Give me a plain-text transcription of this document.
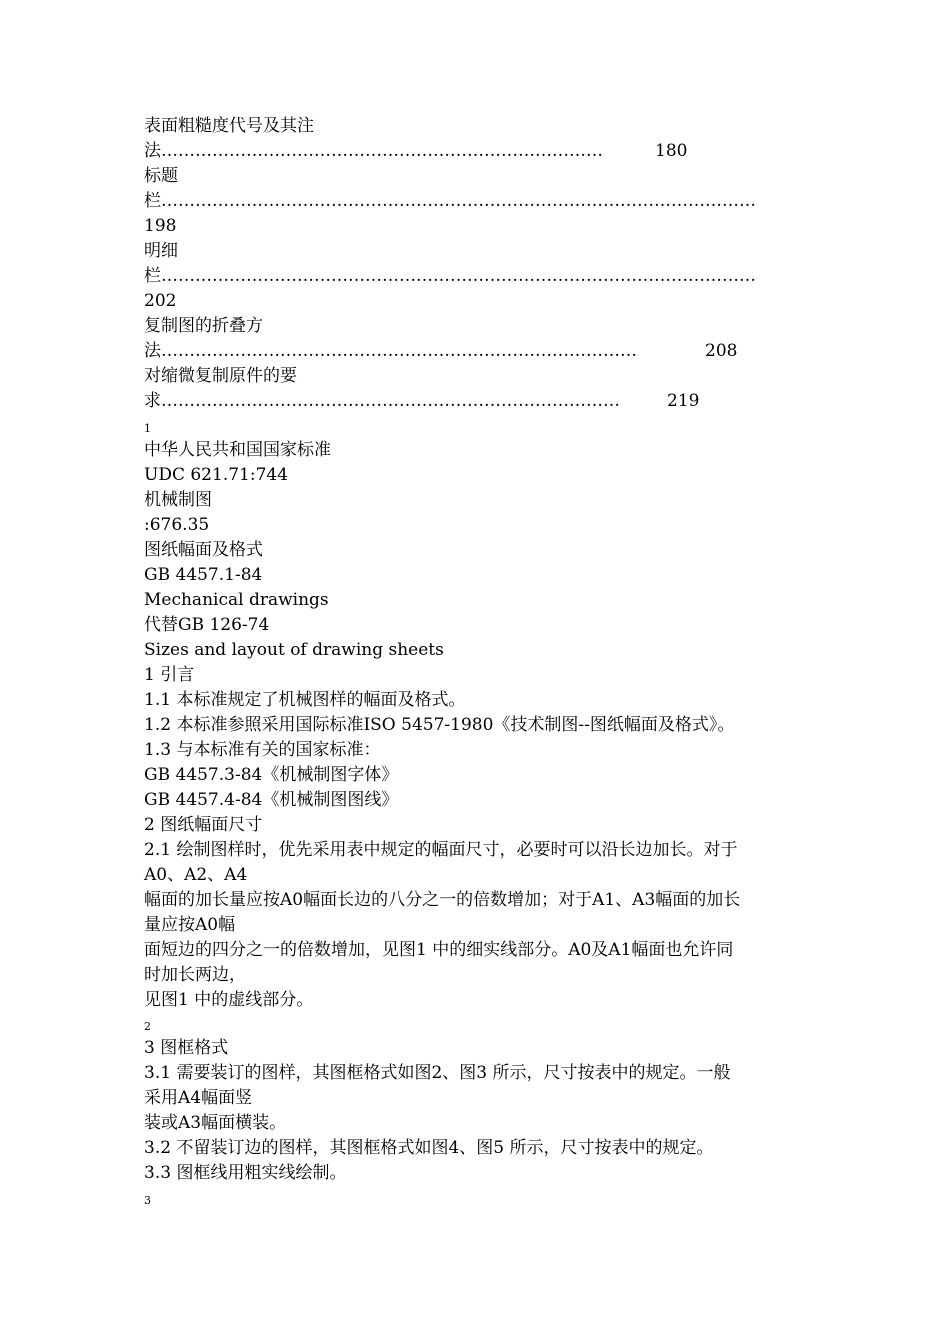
表面粗糙度代号及其注
法 ……………………………………………………………………	180
标题
栏 ……………………………………………………………………………………………
198
明细
栏 ……………………………………………………………………………………………
202
复制图的折叠方
法 …………………………………………………………………………	208
对缩微复制原件的要
求 ………………………………………………………………………	219
1
中华人民共和国国家标准
UDC 621.71:744
机械制图
:676.35
图纸幅面及格式
GB 4457.1-84
Mechanical drawings
代替GB 126-74
Sizes and layout of drawing sheets
1 引言
1.1 本标准规定了机械图样的幅面及格式。
1.2 本标准参照采用国际标准ISO 5457-1980《技术制图--图纸幅面及格式》。
1.3 与本标准有关的国家标准：
GB 4457.3-84《机械制图字体》
GB 4457.4-84《机械制图图线》
2 图纸幅面尺寸
2.1 绘制图样时，优先采用表中规定的幅面尺寸，必要时可以沿长边加长。对于
A0、A2、A4
幅面的加长量应按A0幅面长边的八分之一的倍数增加；对于A1、A3幅面的加长
量应按A0幅
面短边的四分之一的倍数增加，见图1 中的细实线部分。A0及A1幅面也允许同
时加长两边，
见图1 中的虚线部分。
2
3 图框格式
3.1 需要装订的图样，其图框格式如图2、图3 所示，尺寸按表中的规定。一般
采用A4幅面竖
装或A3幅面横装。
3.2 不留装订边的图样，其图框格式如图4、图5 所示，尺寸按表中的规定。
3.3 图框线用粗实线绘制。
3
